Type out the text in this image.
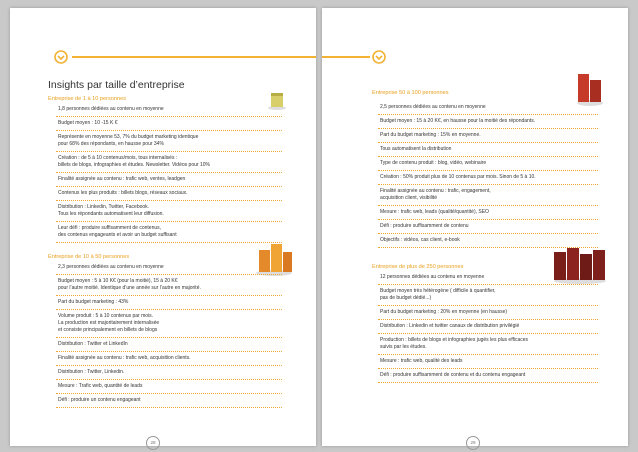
Insights par taille d’entreprise
Entreprise de 1 à 10 personnes
Entreprise de 10 à 50 personnes
28
1,8 personnes dédiées au contenu en moyenne
Budget moyen : 10 -15 K €
Représente en moyenne 53, 7% du budget marketing identique
pour 68% des répondants, en hausse pour 34%
Création : de 5 à 10 contenus/mois, tous internalisés :
billets de blogs, infographies et études. Newsletter. Vidéos pour 10%
Finalité assignée au contenu : trafic web, ventes, leadgen
Contenus les plus produits : billets blogs, réseaux sociaux.
Distribution : Linkedin, Twitter, Facebook.
Tous les répondants automatisent leur diffusion.
Leur défi : produire suffisamment de contenus,
des contenus engageants et avoir un budget suffisant
2,3 personnes dédiées au contenu en moyenne
Budget moyen : 5 à 10 K€ (pour la moitié), 15 à 20 K€
pour l’autre moitié. Identique d’une année sur l’autre en majorité.
Part du budget marketing : 43%
Volume produit : 5 à 10 contenus par mois.
La production est majoritairement internalisée
et consiste principalement en billets de blogs
Distribution : Twitter et LinkedIn
Finalité assignée au contenu : trafic web, acquisition clients.
Distribution : Twitter, Linkedin.
Mesure : Trafic web, quantité de leads
Défi : produire un contenu engageant
Entreprise 50 à 100 personnes
Entreprise de plus de 250 personnes
29
2,5 personnes dédiées au contenu en moyenne
Budget moyen : 15 à 20 K€, en hausse pour la moitié des répondants.
Part du budget marketing : 15% en moyenne.
Tous automatisent la distribution
Type de contenu produit : blog, vidéo, webinaire
Création : 50% produit plus de 10 contenus par mois. Sinon de 5 à 10.
Finalité assignée au contenu : trafic, engagement,
acquisition client, visibilité
Mesure : trafic web, leads (qualité/quantité), SEO
Défi : produire suffisamment de contenu
Objectifs : vidéos, cas client, e-book
12 personnes dédiées au contenu en moyenne
Budget moyen très hétérogène ( difficile à quantifier,
pas de budget dédié...)
Part du budget marketing : 20% en moyenne (en hausse)
Distribution : Linkedin et twitter canaux de distribution privilégié
Production : billets de blogs et infographies jugés les plus efficaces
suivis par les études.
Mesure : trafic web, qualité des leads
Défi : produire suffisamment de contenu et du contenu engageant
